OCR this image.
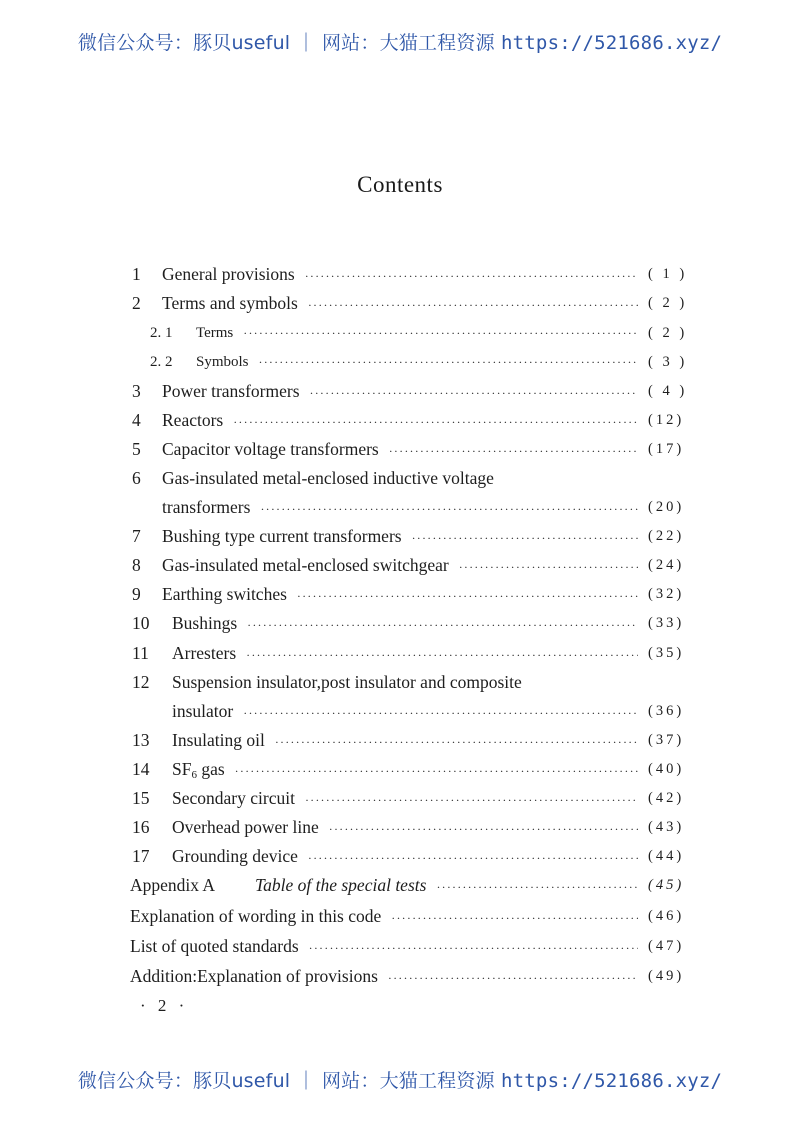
微信公众号：豚贝useful ｜ 网站：大猫工程资源 https://521686.xyz/
Contents
1 General provisions ·····	( 1 )
2 Terms and symbols ·····	( 2 )
2. 1 Terms ·····	( 2 )
2. 2 Symbols ·····	( 3 )
3 Power transformers ·····	( 4 )
4 Reactors ·····	(12)
5 Capacitor voltage transformers ·····	(17)
6 Gas-insulated metal-enclosed inductive voltage
transformers ·····	(20)
7 Bushing type current transformers ·····	(22)
8 Gas-insulated metal-enclosed switchgear ·····	(24)
9 Earthing switches ·····	(32)
10 Bushings ·····	(33)
11 Arresters ·····	(35)
12 Suspension insulator,post insulator and composite
insulator ·····	(36)
13 Insulating oil ·····	(37)
14 SF6 gas ·····	(40)
15 Secondary circuit ·····	(42)
16 Overhead power line ·····	(43)
17 Grounding device ·····	(44)
Appendix A Table of the special tests ·····	(45)
Explanation of wording in this code ·····	(46)
List of quoted standards ·····	(47)
Addition:Explanation of provisions ·····	(49)
· 2 ·
微信公众号：豚贝useful ｜ 网站：大猫工程资源 https://521686.xyz/
